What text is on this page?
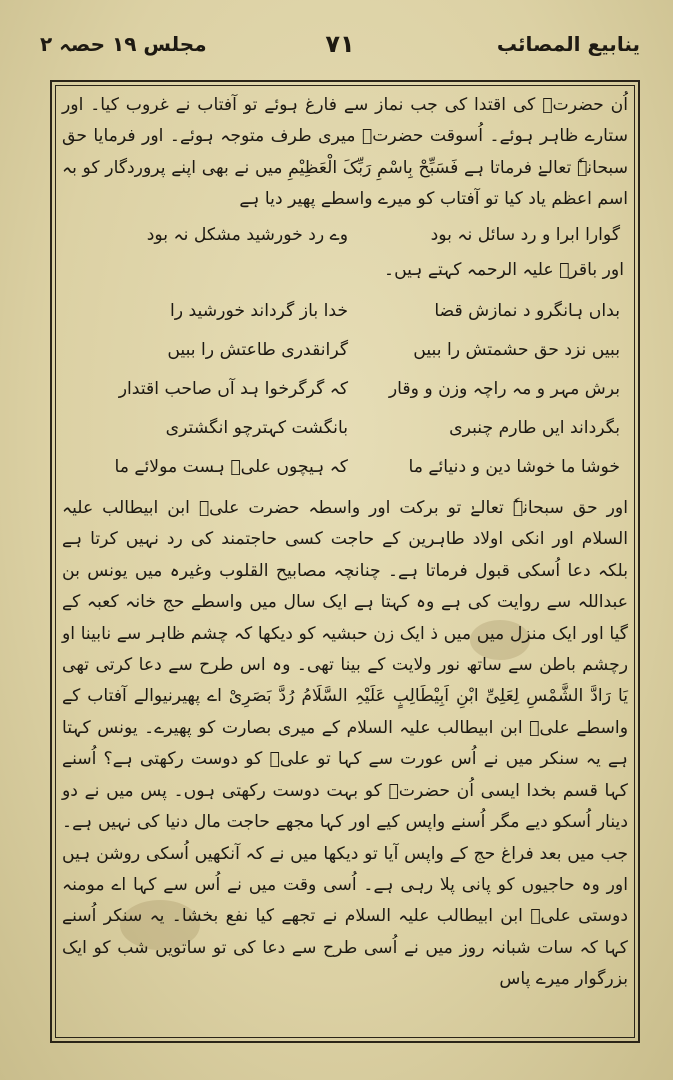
ینابیع المصائب
۷۱
مجلس ۱۹ حصہ ۲

اُن حضرتؐ کی اقتدا کی جب نماز سے فارغ ہوئے تو آفتاب نے غروب کیا۔ اور ستارے ظاہر ہوئے۔ اُسوقت حضرتؐ میری طرف متوجہ ہوئے۔ اور فرمایا حق سبحانہٗ تعالےٰ فرماتا ہے فَسَبِّحْ بِاسْمِ رَبِّکَ الْعَظِیْمِ میں نے بھی اپنے پروردگار کو بہ اسم اعظم یاد کیا تو آفتاب کو میرے واسطے پھیر دیا ہے

گوارا ابرا و رد سائل نہ بود
وے رد خورشید مشکل نہ بود

اور باقرؒ علیہ الرحمہ کہتے ہیں۔

بداں ہانگرو د نمازش قضا
خدا باز گرداند خورشید را
ببیں نزد حق حشمتش را ببیں
گرانقدری طاعتش را ببیں
برش مہر و مہ راچہ وزن و وقار
کہ گرگرخوا ہد آں صاحب اقتدار
بگرداند ایں طارم چنبری
بانگشت کہترچو انگشتری
خوشا ما خوشا دین و دنیائے ما
کہ ہیچوں علیؑ ہست مولائے ما

اور حق سبحانہٗ تعالےٰ تو برکت اور واسطہ حضرت علیؑ ابن ابیطالب علیہ السلام اور انکی اولاد طاہرین کے حاجت کسی حاجتمند کی رد نہیں کرتا ہے بلکہ دعا اُسکی قبول فرماتا ہے۔ چنانچہ مصابیح القلوب وغیرہ میں یونس بن عبداللہ سے روایت کی ہے وہ کہتا ہے ایک سال میں واسطے حج خانہ کعبہ کے گیا اور ایک منزل میں میں ذ ایک زن حبشیہ کو دیکھا کہ چشم ظاہر سے نابینا او رچشم باطن سے ساتھ نور ولایت کے بینا تھی۔ وہ اس طرح سے دعا کرتی تھی یَا رَادَّ الشَّمْسِ لِعَلِیِّ ابْنِ اَبِیْطَالِبٍ عَلَیْہِ السَّلَامُ رُدَّ بَصَرِیْ اے پھیرنیوالے آفتاب کے واسطے علیؑ ابن ابیطالب علیہ السلام کے میری بصارت کو پھیرے۔ یونس کہتا ہے یہ سنکر میں نے اُس عورت سے کہا تو علیؑ کو دوست رکھتی ہے؟ اُسنے کہا قسم بخدا ایسی اُن حضرتؐ کو بہت دوست رکھتی ہوں۔ پس میں نے دو دینار اُسکو دیے مگر اُسنے واپس کیے اور کہا مجھے حاجت مال دنیا کی نہیں ہے۔ جب میں بعد فراغ حج کے واپس آیا تو دیکھا میں نے کہ آنکھیں اُسکی روشن ہیں اور وہ حاجیوں کو پانی پلا رہی ہے۔ اُسی وقت میں نے اُس سے کہا اے مومنہ دوستی علیؑ ابن ابیطالب علیہ السلام نے تجھے کیا نفع بخشا۔ یہ سنکر اُسنے کہا کہ سات شبانہ روز میں نے اُسی طرح سے دعا کی تو ساتویں شب کو ایک بزرگوار میرے پاس
